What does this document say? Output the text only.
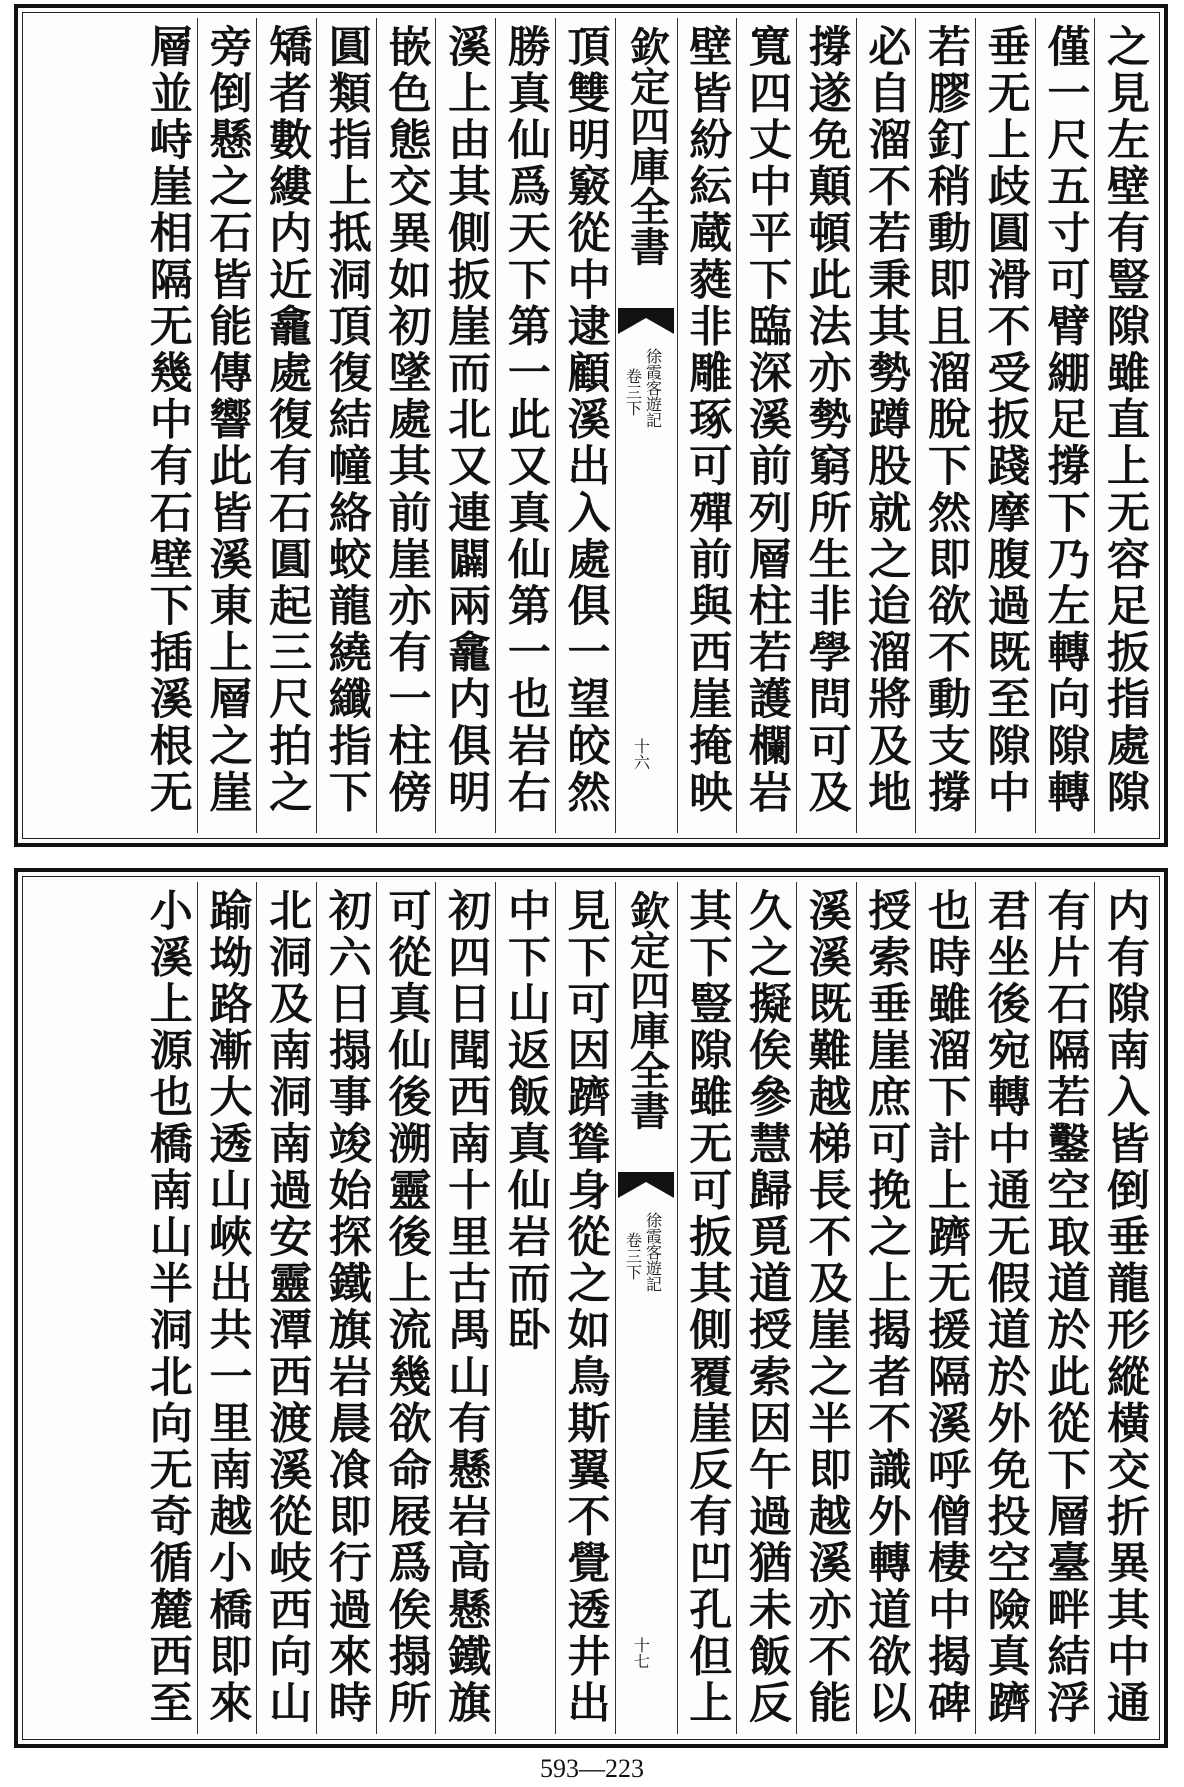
之見左壁有豎隙雖直上无容足扳指處隙
僅一尺五寸可臂綳足撐下乃左轉向隙轉
垂无上歧圓滑不受扳踐摩腹過既至隙中
若膠釘稍動即且溜脫下然即欲不動支撐
必自溜不若秉其勢蹲股就之迨溜將及地
撐遂免顛頓此法亦勢窮所生非學問可及
寬四丈中平下臨深溪前列層柱若護欄岩
壁皆紛紜蔵蕤非雕琢可殫前與西崖掩映
欽定四庫全書
徐霞客遊記
卷三下
十六
頂雙明竅從中逮顧溪出入處俱一望皎然
勝真仙爲天下第一此又真仙第一也岩右
溪上由其側扳崖而北又連闢兩龕内俱明
嵌色態交異如初墜處其前崖亦有一柱傍
圓類指上抵洞頂復結幢絡蛟龍繞纖指下
矯者數縷内近龕處復有石圓起三尺拍之
旁倒懸之石皆能傳響此皆溪東上層之崖
層並峙崖相隔无幾中有石壁下插溪根无
内有隙南入皆倒垂龍形縱橫交折異其中通
有片石隔若鑿空取道於此從下層臺畔結浮
君坐後宛轉中通无假道於外免投空險真躋
也時雖溜下計上躋无援隔溪呼僧棲中揭碑
授索垂崖庶可挽之上揭者不識外轉道欲以
溪溪既難越梯長不及崖之半即越溪亦不能
久之擬俟參慧歸覓道授索因午過猶未飯反
其下豎隙雖无可扳其側覆崖反有凹孔但上
欽定四庫全書
徐霞客遊記
卷三下
十七
見下可因躋聳身從之如鳥斯翼不覺透井出
中下山返飯真仙岩而卧
初四日聞西南十里古禺山有懸岩高懸鐵旗
可從真仙後溯靈後上流幾欲命屐爲俟搨所
初六日搨事竣始探鐵旗岩晨飡即行過來時
北洞及南洞南過安靈潭西渡溪從岐西向山
踰坳路漸大透山峽出共一里南越小橋即來
小溪上源也橋南山半洞北向无奇循麓西至
593—223
